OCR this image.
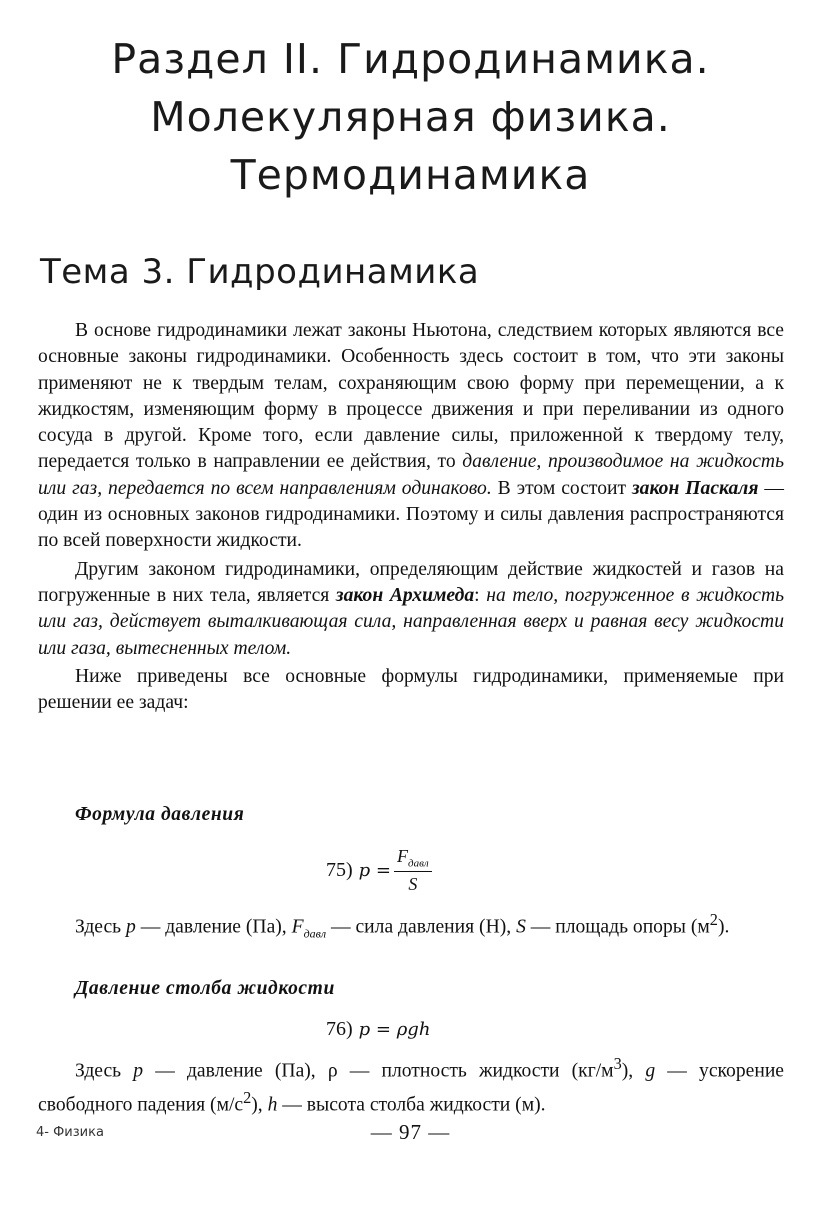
Раздел II. Гидродинамика.
Молекулярная физика.
Термодинамика
Тема 3. Гидродинамика

В основе гидродинамики лежат законы Ньютона, следствием которых являются все основные законы гидродинамики. Особенность здесь состоит в том, что эти законы применяют не к твердым телам, сохраняющим свою форму при перемещении, а к жидкостям, изменяющим форму в процессе движения и при переливании из одного сосуда в другой. Кроме того, если давление силы, приложенной к твердому телу, передается только в направлении ее действия, то давление, производимое на жидкость или газ, передается по всем направлениям одинаково. В этом состоит закон Паскаля — один из основных законов гидродинамики. Поэтому и силы давления распространяются по всей поверхности жидкости.

Другим законом гидродинамики, определяющим действие жидкостей и газов на погруженные в них тела, является закон Архимеда: на тело, погруженное в жидкость или газ, действует выталкивающая сила, направленная вверх и равная весу жидкости или газа, вытесненных телом.

Ниже приведены все основные формулы гидродинамики, применяемые при решении ее задач:

Формула давления

75) $p = \frac{F_{давл}}{S}$

Здесь p — давление (Па), $F_{давл}$ — сила давления (Н), S — площадь опоры $(м^2)$.

Давление столба жидкости

76) p = ρgh

Здесь p — давление (Па), ρ — плотность жидкости $(кг/м^3)$, g — ускорение свободного падения $(м/с^2)$, h — высота столба жидкости (м).

4- Физика	— 97 —
